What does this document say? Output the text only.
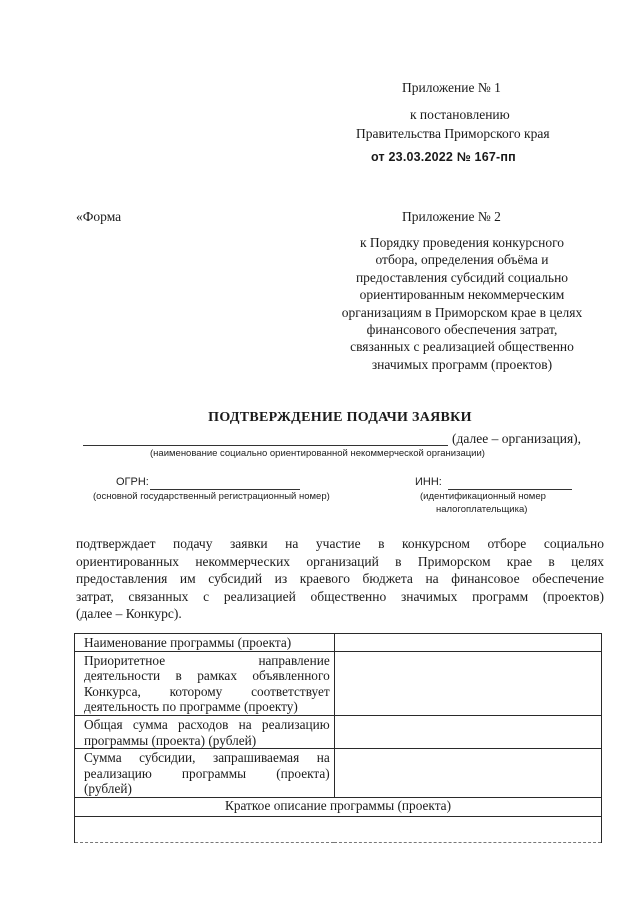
Приложение № 1
к постановлению
Правительства Приморского края
от 23.03.2022 № 167-пп
«Форма	Приложение № 2
к Порядку проведения конкурсного
отбора, определения объёма и
предоставления субсидий социально
ориентированным некоммерческим
организациям в Приморском крае в целях
финансового обеспечения затрат,
связанных с реализацией общественно
значимых программ (проектов)
ПОДТВЕРЖДЕНИЕ ПОДАЧИ ЗАЯВКИ
(далее – организация),
(наименование социально ориентированной некоммерческой организации)
ОГРН:
(основной государственный регистрационный номер)
ИНН:
(идентификационный номер
налогоплательщика)
подтверждает подачу заявки на участие в конкурсном отборе социально
ориентированных некоммерческих организаций в Приморском крае в целях
предоставления им субсидий из краевого бюджета на финансовое обеспечение
затрат, связанных с реализацией общественно значимых программ (проектов)
(далее – Конкурс).
Наименование программы (проекта)	

Приоритетное направление
деятельности в рамках объявленного
Конкурса, которому соответствует
деятельность по программе (проекту)	

Общая сумма расходов на реализацию
программы (проекта) (рублей)	

Сумма субсидии, запрашиваемая на
реализацию программы (проекта)
(рублей)	

Краткое описание программы (проекта)	
